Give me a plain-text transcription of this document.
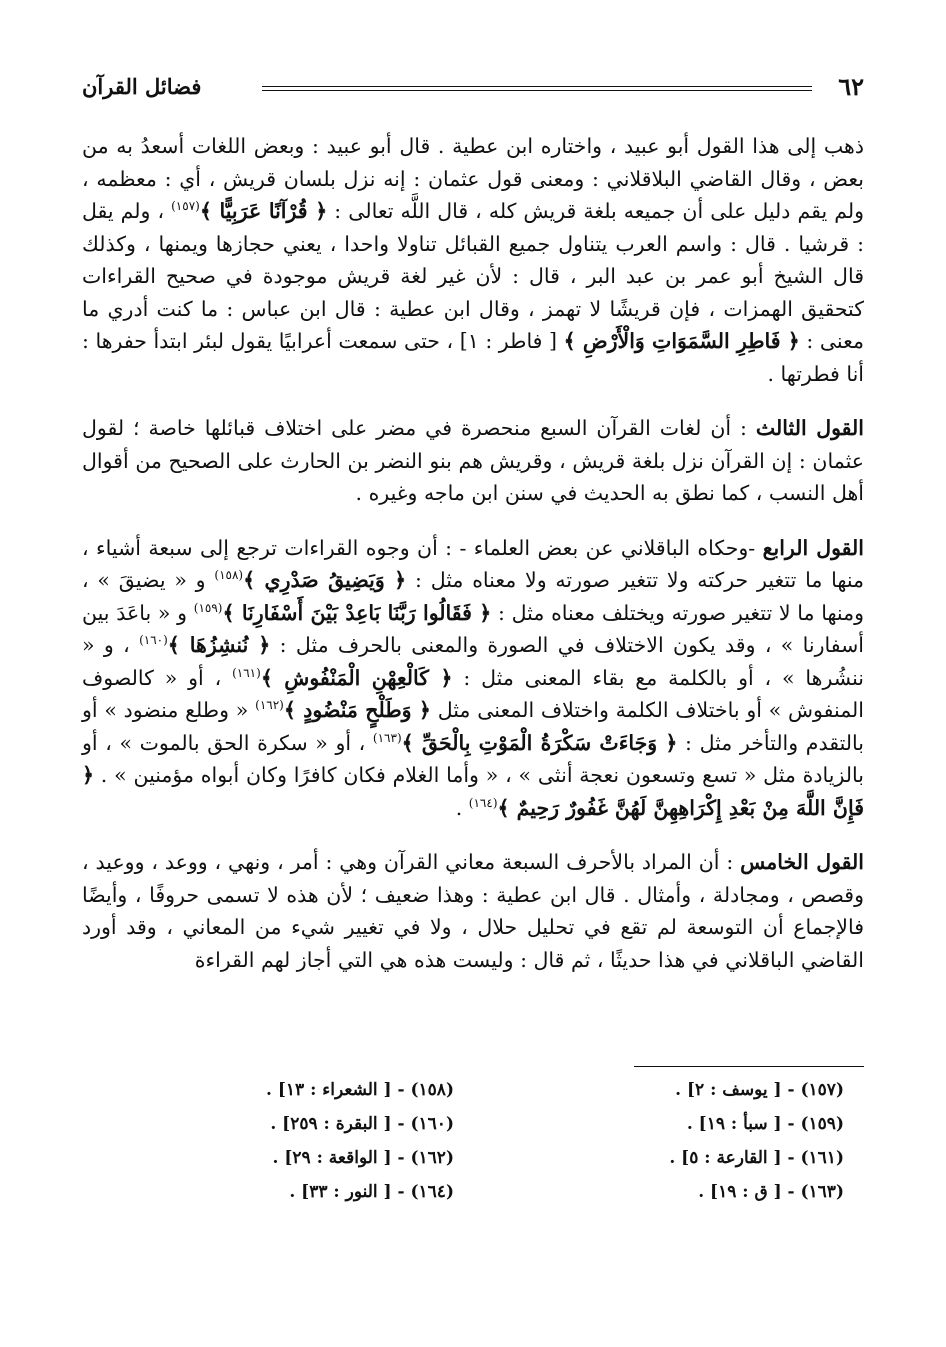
٦٢
فضائل القرآن

ذهب إلى هذا القول أبو عبيد ، واختاره ابن عطية . قال أبو عبيد : وبعض اللغات أسعدُ به من بعض ، وقال القاضي البلاقلاني : ومعنى قول عثمان : إنه نزل بلسان قريش ، أي : معظمه ، ولم يقم دليل على أن جميعه بلغة قريش كله ، قال اللَّه تعالى : ﴿ قُرْآنًا عَرَبِيًّا ﴾$^{(١٥٧)}$ ، ولم يقل : قرشيا . قال : واسم العرب يتناول جميع القبائل تناولا واحدا ، يعني حجازها ويمنها ، وكذلك قال الشيخ أبو عمر بن عبد البر ، قال : لأن غير لغة قريش موجودة في صحيح القراءات كتحقيق الهمزات ، فإن قريشًا لا تهمز ، وقال ابن عطية : قال ابن عباس : ما كنت أدري ما معنى : ﴿ فَاطِرِ السَّمَوَاتِ وَالْأَرْضِ ﴾ [ فاطر : ١] ، حتى سمعت أعرابيًا يقول لبئر ابتدأ حفرها : أنا فطرتها .

القول الثالث : أن لغات القرآن السبع منحصرة في مضر على اختلاف قبائلها خاصة ؛ لقول عثمان : إن القرآن نزل بلغة قريش ، وقريش هم بنو النضر بن الحارث على الصحيح من أقوال أهل النسب ، كما نطق به الحديث في سنن ابن ماجه وغيره .

القول الرابع -وحكاه الباقلاني عن بعض العلماء - : أن وجوه القراءات ترجع إلى سبعة أشياء ، منها ما تتغير حركته ولا تتغير صورته ولا معناه مثل : ﴿ وَيَضِيقُ صَدْرِي ﴾$^{(١٥٨)}$ و « يضيقَ » ، ومنها ما لا تتغير صورته ويختلف معناه مثل : ﴿ فَقَالُوا رَبَّنَا بَاعِدْ بَيْنَ أَسْفَارِنَا ﴾$^{(١٥٩)}$ و « باعَدَ بين أسفارنا » ، وقد يكون الاختلاف في الصورة والمعنى بالحرف مثل : ﴿ نُنشِزُهَا ﴾$^{(١٦٠)}$ ، و « ننشُرها » ، أو بالكلمة مع بقاء المعنى مثل : ﴿ كَالْعِهْنِ الْمَنْفُوشِ ﴾$^{(١٦١)}$ ، أو « كالصوف المنفوش » أو باختلاف الكلمة واختلاف المعنى مثل ﴿ وَطَلْحٍ مَنْضُودٍ ﴾$^{(١٦٢)}$ « وطلع منضود » أو بالتقدم والتأخر مثل : ﴿ وَجَاءَتْ سَكْرَةُ الْمَوْتِ بِالْحَقِّ ﴾$^{(١٦٣)}$ ، أو « سكرة الحق بالموت » ، أو بالزيادة مثل « تسع وتسعون نعجة أنثى » ، « وأما الغلام فكان كافرًا وكان أبواه مؤمنين » . ﴿ فَإِنَّ اللَّهَ مِنْ بَعْدِ إِكْرَاهِهِنَّ لَهُنَّ غَفُورٌ رَحِيمٌ ﴾$^{(١٦٤)}$ .

القول الخامس : أن المراد بالأحرف السبعة معاني القرآن وهي : أمر ، ونهي ، ووعد ، ووعيد ، وقصص ، ومجادلة ، وأمثال . قال ابن عطية : وهذا ضعيف ؛ لأن هذه لا تسمى حروفًا ، وأيضًا فالإجماع أن التوسعة لم تقع في تحليل حلال ، ولا في تغيير شيء من المعاني ، وقد أورد القاضي الباقلاني في هذا حديثًا ، ثم قال : وليست هذه هي التي أجاز لهم القراءة

(١٥٧) - [ يوسف : ٢] .
(١٥٨) - [ الشعراء : ١٣] .
(١٥٩) - [ سبأ : ١٩] .
(١٦٠) - [ البقرة : ٢٥٩] .
(١٦١) - [ القارعة : ٥] .
(١٦٢) - [ الواقعة : ٢٩] .
(١٦٣) - [ ق : ١٩] .
(١٦٤) - [ النور : ٣٣] .
